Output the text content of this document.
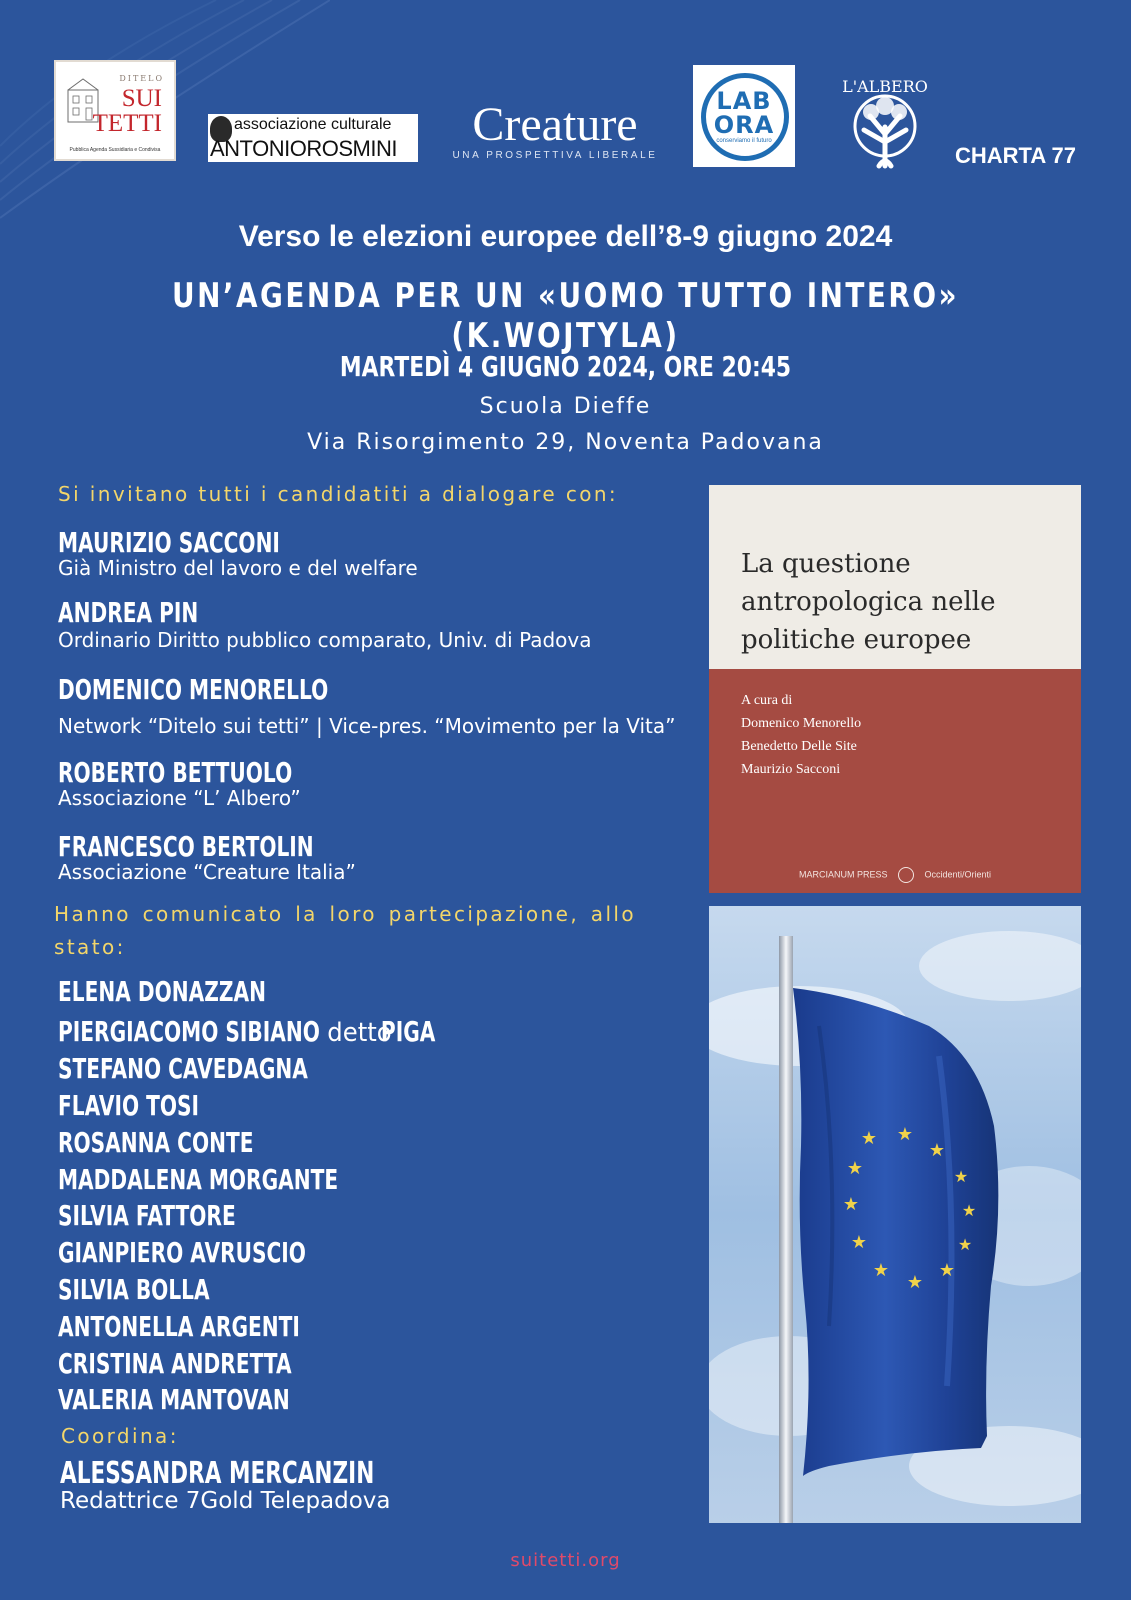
DITELO
SUI
TETTI
Pubblica Agenda Sussidiaria e Condivisa
associazione culturale
ANTONIOROSMINI	Creature
UNA PROSPETTIVA LIBERALE
LAB
ORA
conserviamo il futuro
L'ALBERO
CHARTA 77
Verso le elezioni europee dell’8-9 giugno 2024
UN’AGENDA PER UN «UOMO TUTTO INTERO» (K.WOJTYLA)
MARTEDÌ 4 GIUGNO 2024, ORE 20:45
Scuola Dieffe
Via Risorgimento 29, Noventa Padovana
Si invitano tutti i candidatiti a dialogare con:
MAURIZIO SACCONI
Già Ministro del lavoro e del welfare
ANDREA PIN
Ordinario Diritto pubblico comparato, Univ. di Padova
DOMENICO MENORELLO
Network “Ditelo sui tetti” | Vice-pres. “Movimento per la Vita”
ROBERTO BETTUOLO
Associazione “L’ Albero”
FRANCESCO BERTOLIN
Associazione “Creature Italia”
Hanno comunicato la loro partecipazione, allo stato:
ELENA DONAZZAN
PIERGIACOMO SIBIANO dettoPIGA
STEFANO CAVEDAGNA
FLAVIO TOSI
ROSANNA CONTE
MADDALENA MORGANTE
SILVIA FATTORE
GIANPIERO AVRUSCIO
SILVIA BOLLA
ANTONELLA ARGENTI
CRISTINA ANDRETTA
VALERIA MANTOVAN
Coordina:
ALESSANDRA MERCANZIN
Redattrice 7Gold Telepadova
suitetti.org
La questione
antropologica nelle
politiche europee
A cura di
Domenico Menorello
Benedetto Delle Site
Maurizio Sacconi
MARCIANUM PRESS	Occidenti/Orienti
★ ★
★
★
★
★
★
★
★
★
★
★
